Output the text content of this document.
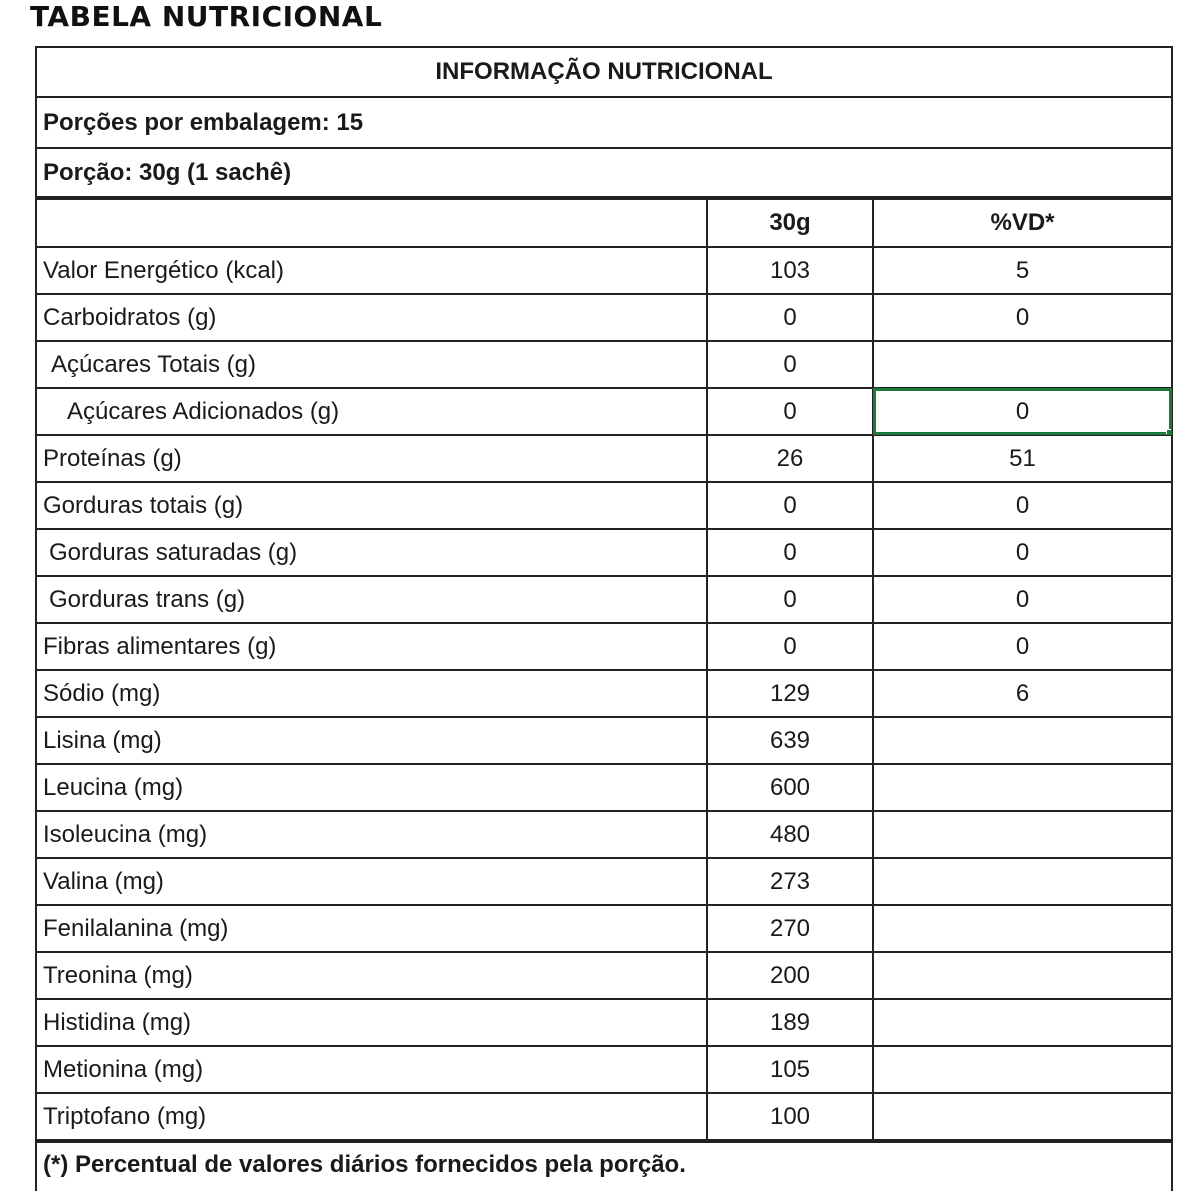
TABELA NUTRICIONAL
INFORMAÇÃO NUTRICIONAL		
Porções por embalagem: 15		
Porção: 30g (1 sachê)		
	30g	%VD*
Valor Energético (kcal)	103	5
Carboidratos (g)	0	0
Açúcares Totais (g)	0	
Açúcares Adicionados (g)	0	0

Proteínas (g)	26	51
Gorduras totais (g)	0	0
Gorduras saturadas (g)	0	0
Gorduras trans (g)	0	0
Fibras alimentares (g)	0	0
Sódio (mg)	129	6
Lisina (mg)	639	
Leucina (mg)	600	
Isoleucina (mg)	480	
Valina (mg)	273	
Fenilalanina (mg)	270	
Treonina (mg)	200	
Histidina (mg)	189	
Metionina (mg)	105	
Triptofano (mg)	100	
(*) Percentual de valores diários fornecidos pela porção.		
